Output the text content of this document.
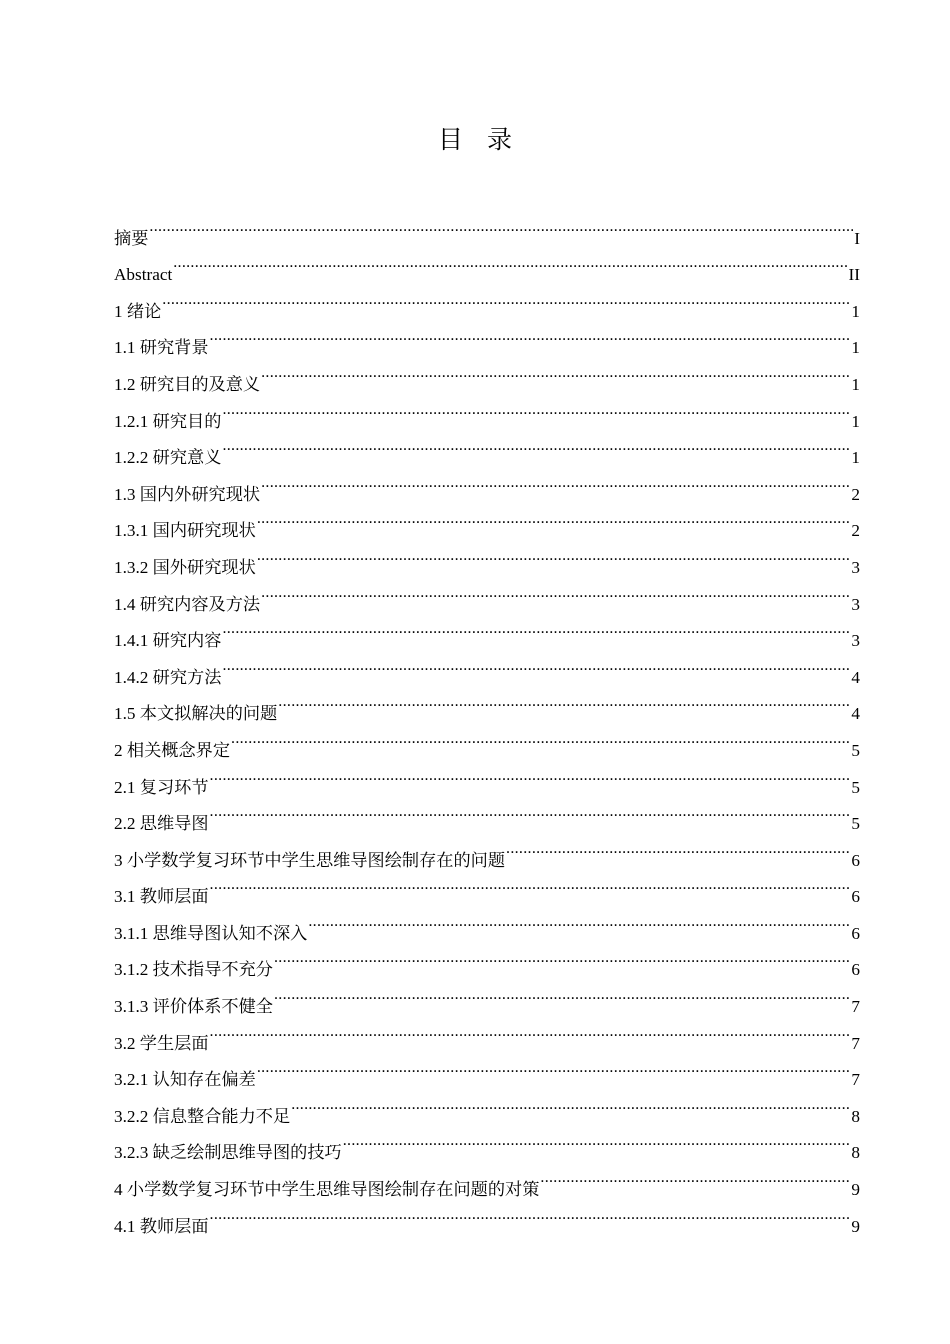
目 录
摘要 .....	I
Abstract .....	II
1 绪论 .....	1
1.1 研究背景 .....	1
1.2 研究目的及意义 .....	1
1.2.1 研究目的 .....	1
1.2.2 研究意义 .....	1
1.3 国内外研究现状 .....	2
1.3.1 国内研究现状 .....	2
1.3.2 国外研究现状 .....	3
1.4 研究内容及方法 .....	3
1.4.1 研究内容 .....	3
1.4.2 研究方法 .....	4
1.5 本文拟解决的问题 .....	4
2 相关概念界定 .....	5
2.1 复习环节 .....	5
2.2 思维导图 .....	5
3 小学数学复习环节中学生思维导图绘制存在的问题 .....	6
3.1 教师层面 .....	6
3.1.1 思维导图认知不深入 .....	6
3.1.2 技术指导不充分 .....	6
3.1.3 评价体系不健全 .....	7
3.2 学生层面 .....	7
3.2.1 认知存在偏差 .....	7
3.2.2 信息整合能力不足 .....	8
3.2.3 缺乏绘制思维导图的技巧 .....	8
4 小学数学复习环节中学生思维导图绘制存在问题的对策 .....	9
4.1 教师层面 .....	9
